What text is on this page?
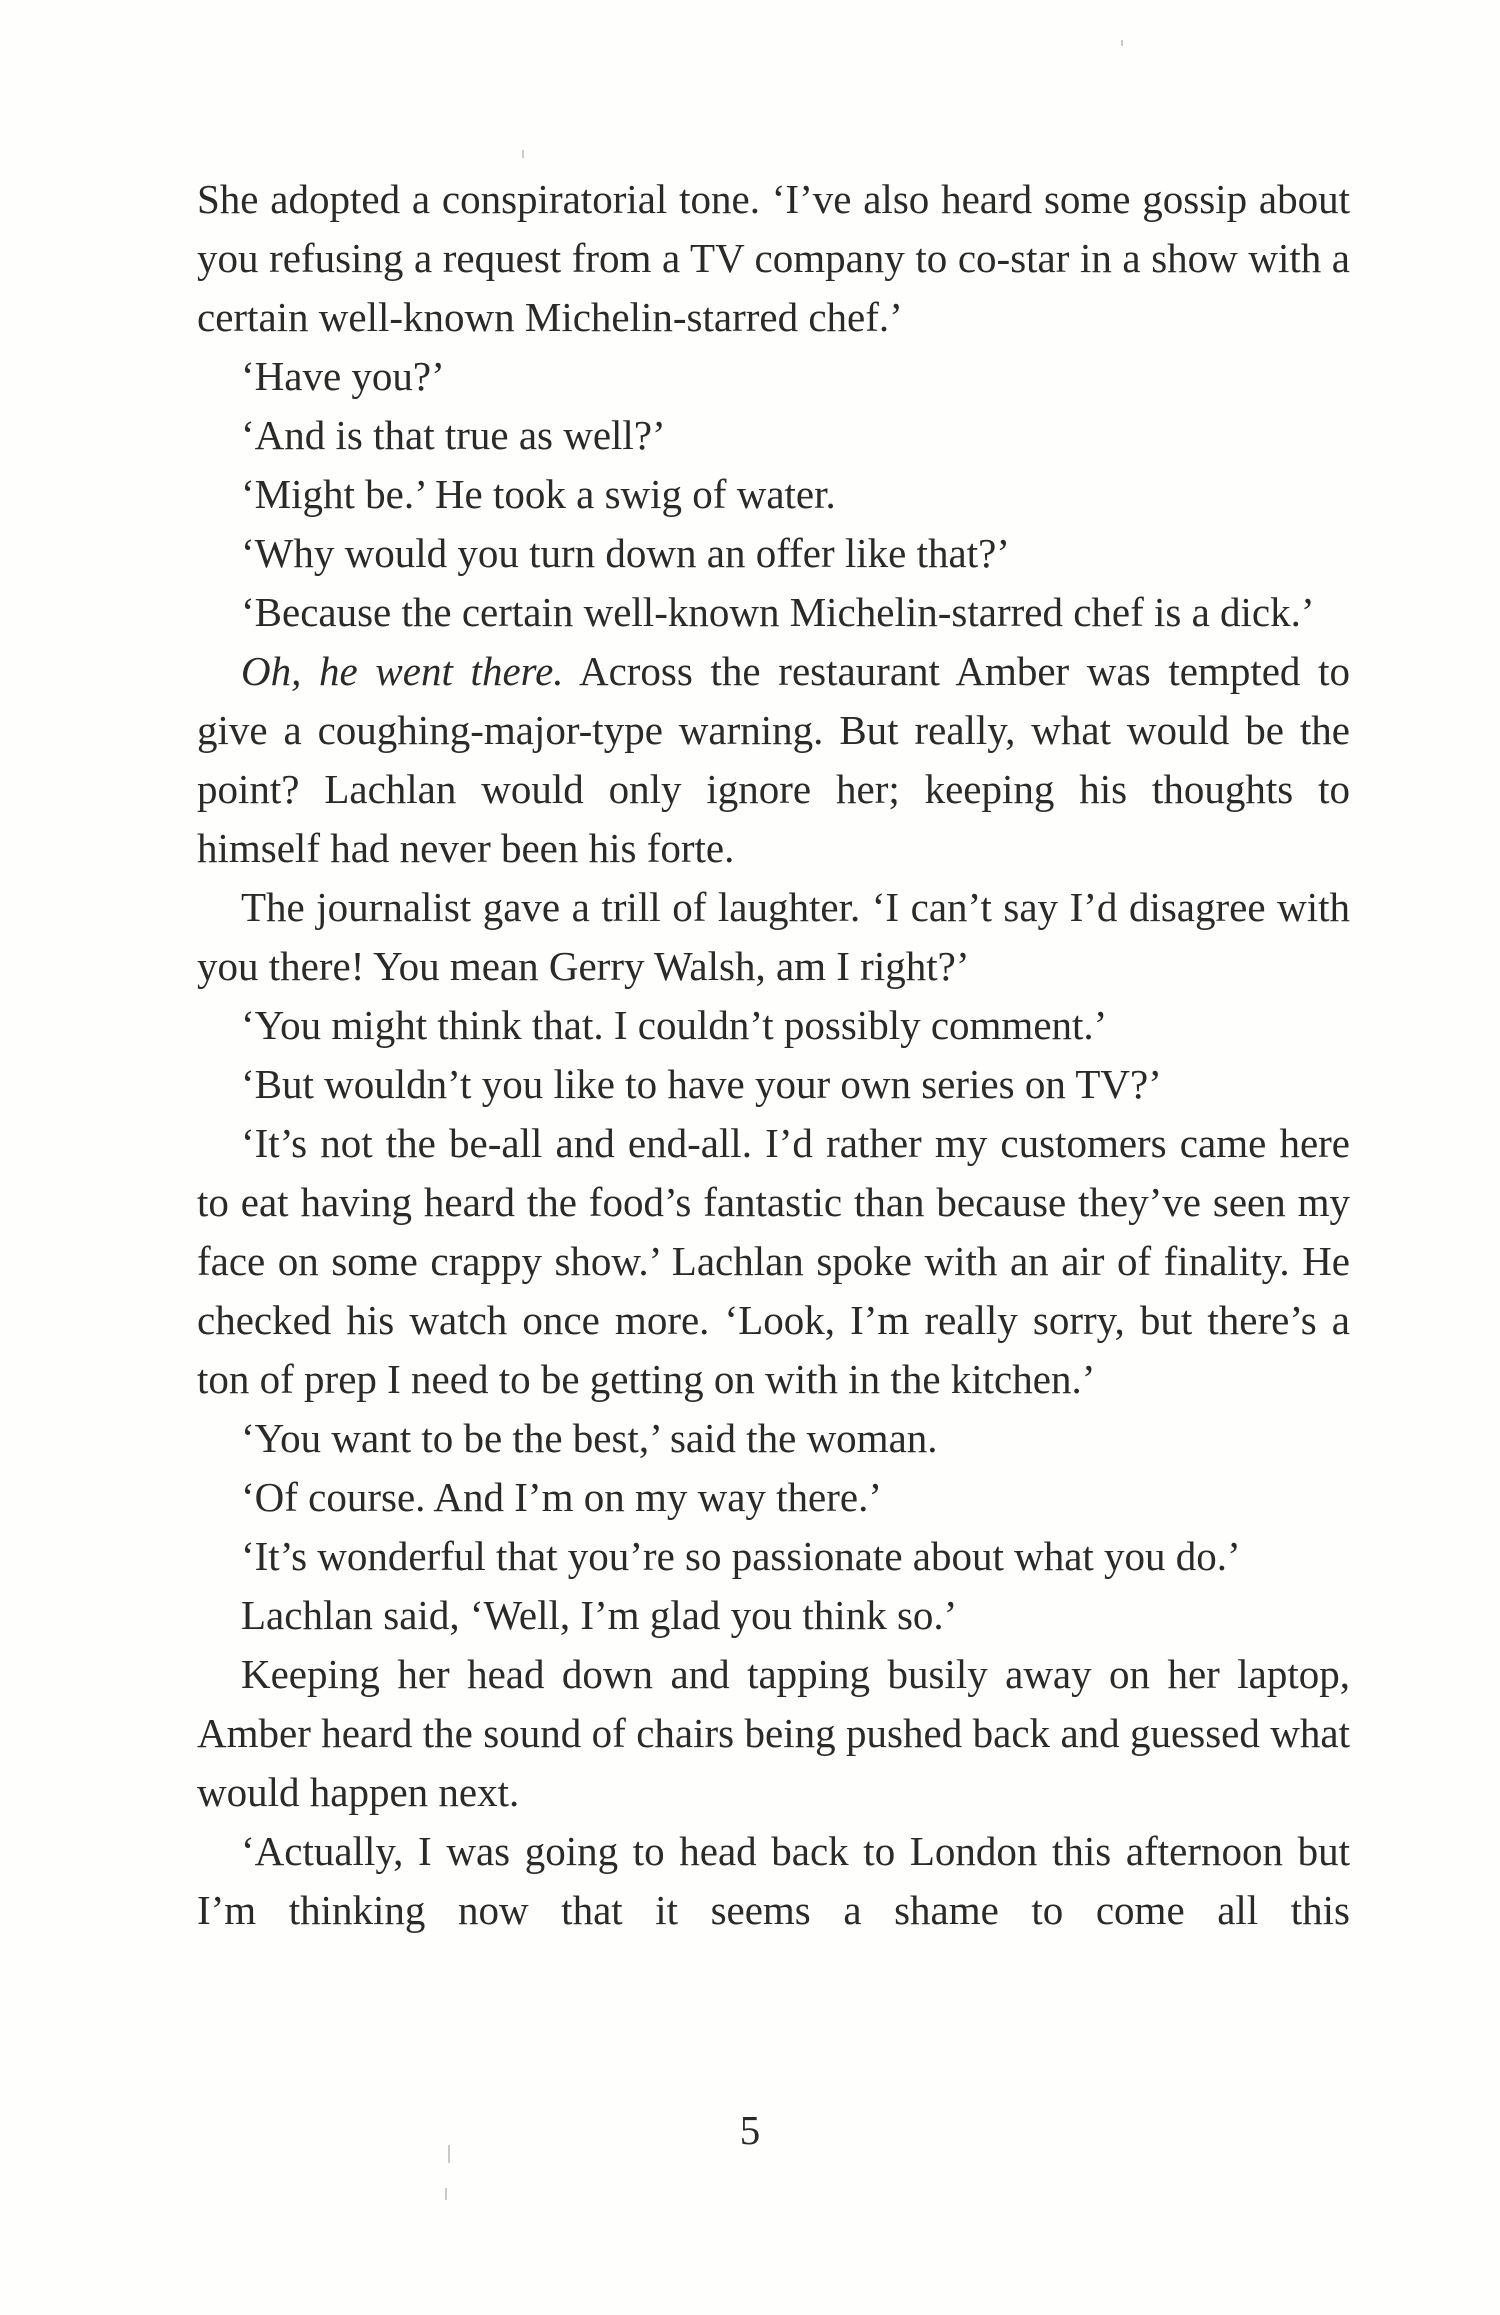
She adopted a conspiratorial tone. ‘I’ve also heard some gossip about you refusing a request from a TV company to co-star in a show with a certain well-known Michelin-starred chef.’

‘Have you?’

‘And is that true as well?’

‘Might be.’ He took a swig of water.

‘Why would you turn down an offer like that?’

‘Because the certain well-known Michelin-starred chef is a dick.’

Oh, he went there. Across the restaurant Amber was tempted to give a coughing-major-type warning. But really, what would be the point? Lachlan would only ignore her; keeping his thoughts to himself had never been his forte.

The journalist gave a trill of laughter. ‘I can’t say I’d disagree with you there! You mean Gerry Walsh, am I right?’

‘You might think that. I couldn’t possibly comment.’

‘But wouldn’t you like to have your own series on TV?’

‘It’s not the be-all and end-all. I’d rather my customers came here to eat having heard the food’s fantastic than because they’ve seen my face on some crappy show.’ Lachlan spoke with an air of finality. He checked his watch once more. ‘Look, I’m really sorry, but there’s a ton of prep I need to be getting on with in the kitchen.’

‘You want to be the best,’ said the woman.

‘Of course. And I’m on my way there.’

‘It’s wonderful that you’re so passionate about what you do.’

Lachlan said, ‘Well, I’m glad you think so.’

Keeping her head down and tapping busily away on her laptop, Amber heard the sound of chairs being pushed back and guessed what would happen next.

‘Actually, I was going to head back to London this afternoon but I’m thinking now that it seems a shame to come all this

5
